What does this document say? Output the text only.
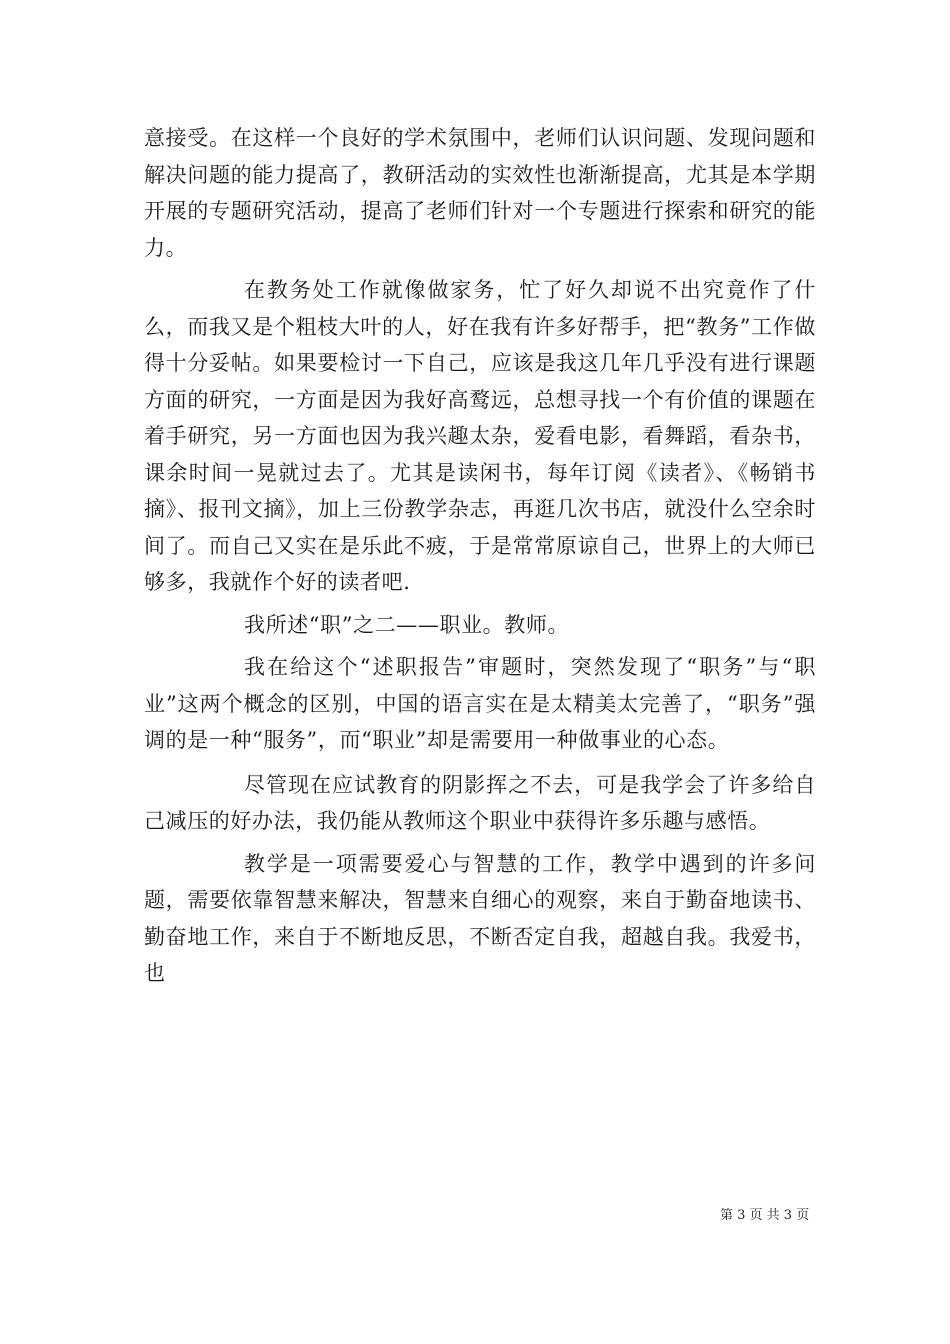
意接受。在这样一个良好的学术氛围中，老师们认识问题、发现问题和解决问题的能力提高了，教研活动的实效性也渐渐提高，尤其是本学期开展的专题研究活动，提高了老师们针对一个专题进行探索和研究的能力。

在教务处工作就像做家务，忙了好久却说不出究竟作了什么，而我又是个粗枝大叶的人，好在我有许多好帮手，把“教务”工作做得十分妥帖。如果要检讨一下自己，应该是我这几年几乎没有进行课题方面的研究，一方面是因为我好高鹜远，总想寻找一个有价值的课题在着手研究，另一方面也因为我兴趣太杂，爱看电影，看舞蹈，看杂书，课余时间一晃就过去了。尤其是读闲书，每年订阅《读者》、《畅销书摘》、报刊文摘》，加上三份教学杂志，再逛几次书店，就没什么空余时间了。而自己又实在是乐此不疲，于是常常原谅自己，世界上的大师已够多，我就作个好的读者吧.

我所述“职”之二——职业。教师。

我在给这个“述职报告”审题时，突然发现了“职务”与“职业”这两个概念的区别，中国的语言实在是太精美太完善了，“职务”强调的是一种“服务”，而“职业”却是需要用一种做事业的心态。

尽管现在应试教育的阴影挥之不去，可是我学会了许多给自己减压的好办法，我仍能从教师这个职业中获得许多乐趣与感悟。

教学是一项需要爱心与智慧的工作，教学中遇到的许多问题，需要依靠智慧来解决，智慧来自细心的观察，来自于勤奋地读书、勤奋地工作，来自于不断地反思，不断否定自我，超越自我。我爱书，也

第 3 页 共 3 页
